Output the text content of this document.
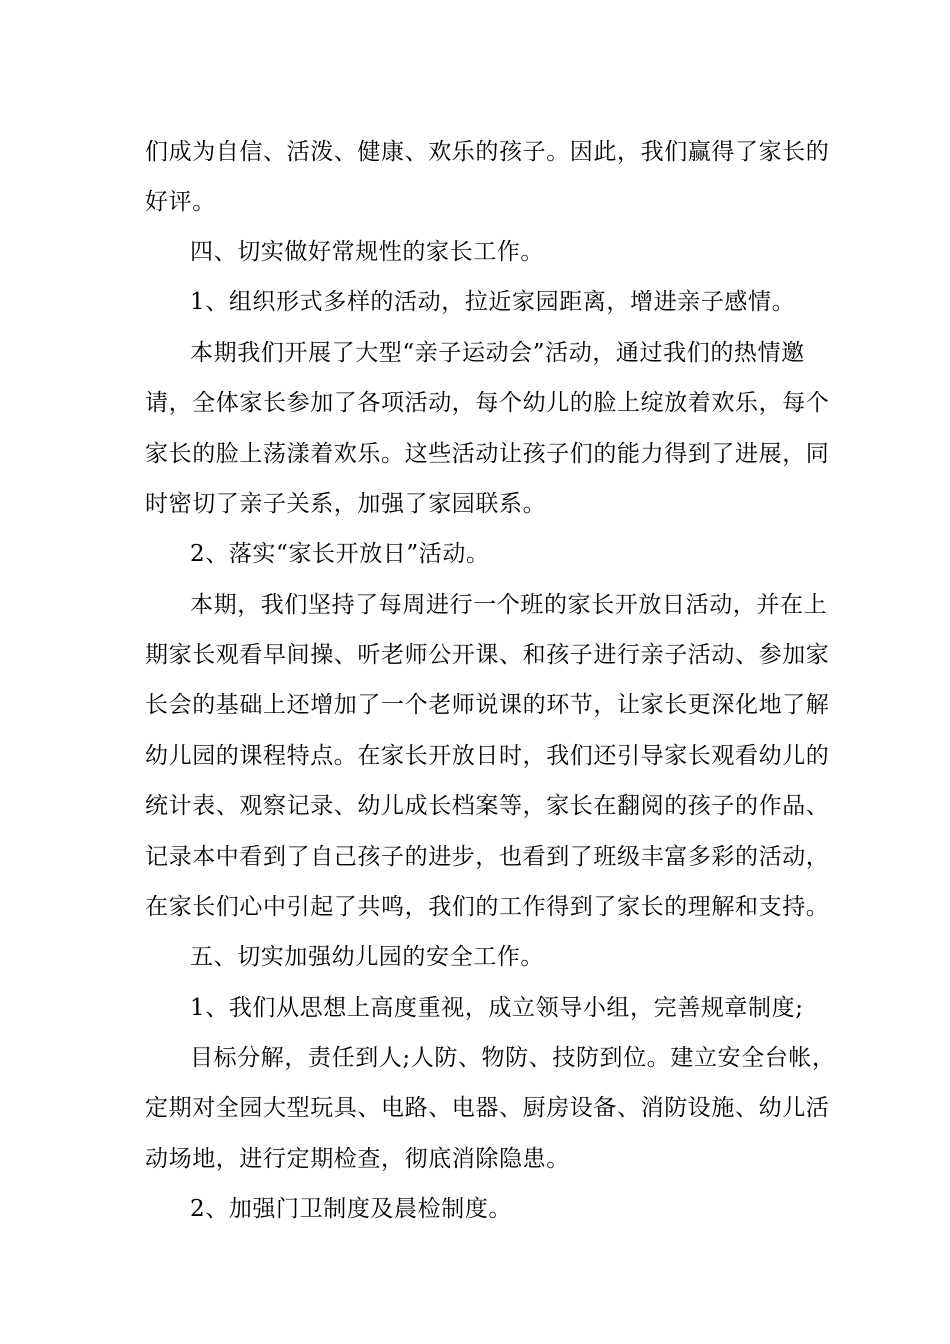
们成为自信、活泼、健康、欢乐的孩子。因此，我们赢得了家长的
好评。
四、切实做好常规性的家长工作。
1、组织形式多样的活动，拉近家园距离，增进亲子感情。
本期我们开展了大型“亲子运动会”活动，通过我们的热情邀
请，全体家长参加了各项活动，每个幼儿的脸上绽放着欢乐，每个
家长的脸上荡漾着欢乐。这些活动让孩子们的能力得到了进展，同
时密切了亲子关系，加强了家园联系。
2、落实“家长开放日”活动。
本期，我们坚持了每周进行一个班的家长开放日活动，并在上
期家长观看早间操、听老师公开课、和孩子进行亲子活动、参加家
长会的基础上还增加了一个老师说课的环节，让家长更深化地了解
幼儿园的课程特点。在家长开放日时，我们还引导家长观看幼儿的
统计表、观察记录、幼儿成长档案等，家长在翻阅的孩子的作品、
记录本中看到了自己孩子的进步，也看到了班级丰富多彩的活动，
在家长们心中引起了共鸣，我们的工作得到了家长的理解和支持。
五、切实加强幼儿园的安全工作。
1、我们从思想上高度重视，成立领导小组，完善规章制度;
目标分解，责任到人;人防、物防、技防到位。建立安全台帐，
定期对全园大型玩具、电路、电器、厨房设备、消防设施、幼儿活
动场地，进行定期检查，彻底消除隐患。
2、加强门卫制度及晨检制度。
